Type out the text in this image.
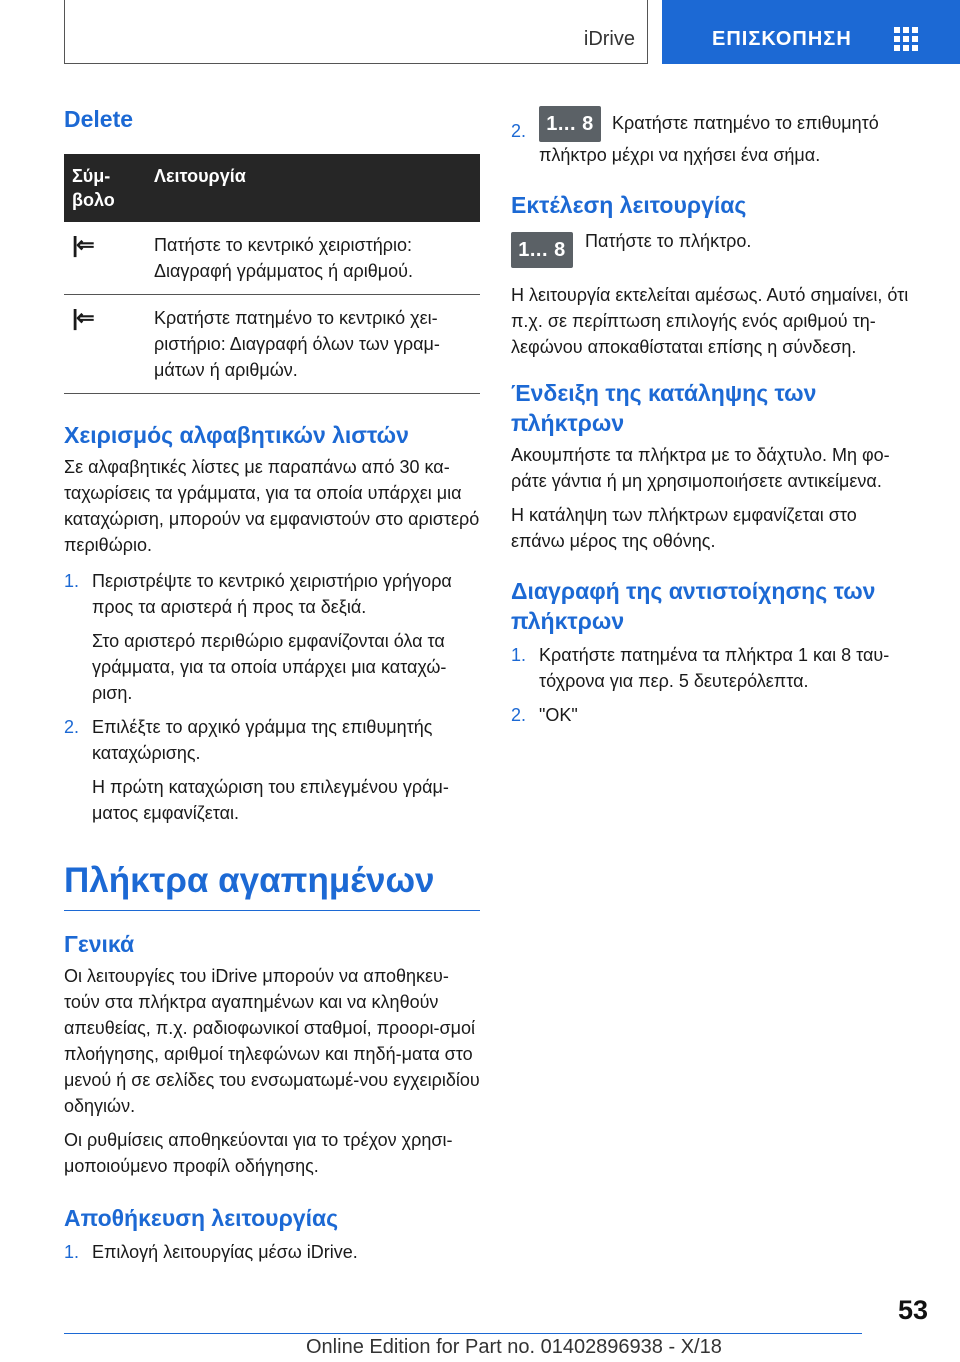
iDrive	ΕΠΙΣΚΟΠΗΣΗ
Delete
Σύμ-βολο	Λειτουργία
|⇐	Πατήστε το κεντρικό χειριστήριο: Διαγραφή γράμματος ή αριθμού.
|⇐	Κρατήστε πατημένο το κεντρικό χει-ριστήριο: Διαγραφή όλων των γραμ-μάτων ή αριθμών.
Χειρισμός αλφαβητικών λιστών

Σε αλφαβητικές λίστες με παραπάνω από 30 κα-ταχωρίσεις τα γράμματα, για τα οποία υπάρχει μια καταχώριση, μπορούν να εμφανιστούν στο αριστερό περιθώριο.

1. Περιστρέψτε το κεντρικό χειριστήριο γρήγορα προς τα αριστερά ή προς τα δεξιά.
Στο αριστερό περιθώριο εμφανίζονται όλα τα γράμματα, για τα οποία υπάρχει μια καταχώ-ριση.
2. Επιλέξτε το αρχικό γράμμα της επιθυμητής καταχώρισης.
Η πρώτη καταχώριση του επιλεγμένου γράμ-ματος εμφανίζεται.
Πλήκτρα αγαπημένων
Γενικά

Οι λειτουργίες του iDrive μπορούν να αποθηκευ-τούν στα πλήκτρα αγαπημένων και να κληθούν απευθείας, π.χ. ραδιοφωνικοί σταθμοί, προορι-σμοί πλοήγησης, αριθμοί τηλεφώνων και πηδή-ματα στο μενού ή σε σελίδες του ενσωματωμέ-νου εγχειριδίου οδηγιών.

Οι ρυθμίσεις αποθηκεύονται για το τρέχον χρησι-μοποιούμενο προφίλ οδήγησης.

Αποθήκευση λειτουργίας
1. Επιλογή λειτουργίας μέσω iDrive.
2.	1... 8 Κρατήστε πατημένο το επιθυμητό πλήκτρο μέχρι να ηχήσει ένα σήμα.
Εκτέλεση λειτουργίας
1... 8	Πατήστε το πλήκτρο.

Η λειτουργία εκτελείται αμέσως. Αυτό σημαίνει, ότι π.χ. σε περίπτωση επιλογής ενός αριθμού τη-λεφώνου αποκαθίσταται επίσης η σύνδεση.

Ένδειξη της κατάληψης των πλήκτρων

Ακουμπήστε τα πλήκτρα με το δάχτυλο. Μη φο-ράτε γάντια ή μη χρησιμοποιήσετε αντικείμενα.

Η κατάληψη των πλήκτρων εμφανίζεται στο επάνω μέρος της οθόνης.

Διαγραφή της αντιστοίχησης των πλήκτρων
1. Κρατήστε πατημένα τα πλήκτρα 1 και 8 ταυ-τόχρονα για περ. 5 δευτερόλεπτα.
2. "OK"
53
Online Edition for Part no. 01402896938 - X/18
